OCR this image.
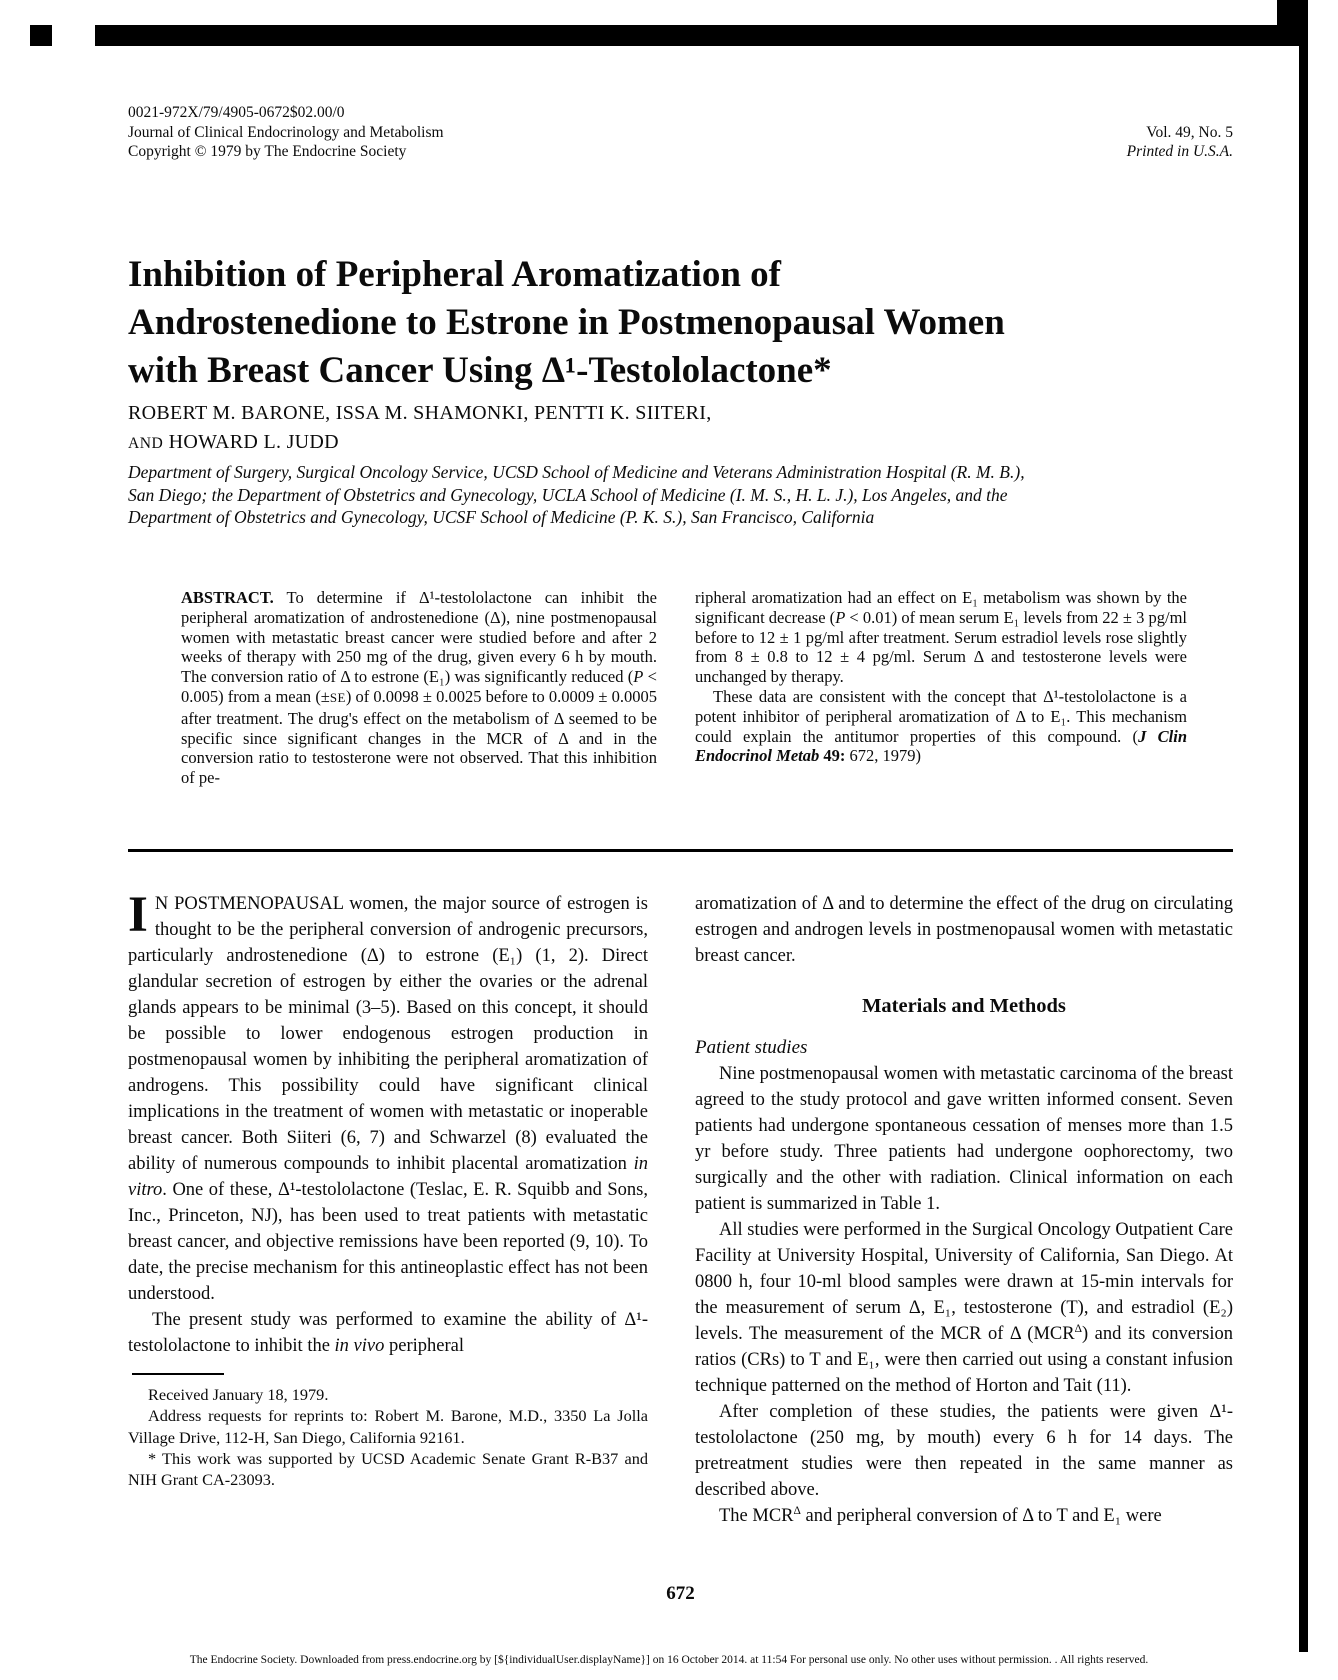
0021-972X/79/4905-0672$02.00/0
Journal of Clinical Endocrinology and Metabolism
Copyright © 1979 by The Endocrine Society
Vol. 49, No. 5
Printed in U.S.A.
Inhibition of Peripheral Aromatization of
Androstenedione to Estrone in Postmenopausal Women
with Breast Cancer Using Δ¹-Testololactone*
ROBERT M. BARONE, ISSA M. SHAMONKI, PENTTI K. SIITERI,
AND HOWARD L. JUDD
Department of Surgery, Surgical Oncology Service, UCSD School of Medicine and Veterans Administration Hospital (R. M. B.), San Diego; the Department of Obstetrics and Gynecology, UCLA School of Medicine (I. M. S., H. L. J.), Los Angeles, and the Department of Obstetrics and Gynecology, UCSF School of Medicine (P. K. S.), San Francisco, California

ABSTRACT. To determine if Δ¹-testololactone can inhibit the peripheral aromatization of androstenedione (Δ), nine postmenopausal women with metastatic breast cancer were studied before and after 2 weeks of therapy with 250 mg of the drug, given every 6 h by mouth. The conversion ratio of Δ to estrone (E₁) was significantly reduced (P < 0.005) from a mean (±SE) of 0.0098 ± 0.0025 before to 0.0009 ± 0.0005 after treatment. The drug's effect on the metabolism of Δ seemed to be specific since significant changes in the MCR of Δ and in the conversion ratio to testosterone were not observed. That this inhibition of pe-

ripheral aromatization had an effect on E₁ metabolism was shown by the significant decrease (P < 0.01) of mean serum E₁ levels from 22 ± 3 pg/ml before to 12 ± 1 pg/ml after treatment. Serum estradiol levels rose slightly from 8 ± 0.8 to 12 ± 4 pg/ml. Serum Δ and testosterone levels were unchanged by therapy.

These data are consistent with the concept that Δ¹-testololactone is a potent inhibitor of peripheral aromatization of Δ to E₁. This mechanism could explain the antitumor properties of this compound. (J Clin Endocrinol Metab 49: 672, 1979)

I N POSTMENOPAUSAL women, the major source of estrogen is thought to be the peripheral conversion of androgenic precursors, particularly androstenedione (Δ) to estrone (E₁) (1, 2). Direct glandular secretion of estrogen by either the ovaries or the adrenal glands appears to be minimal (3–5). Based on this concept, it should be possible to lower endogenous estrogen production in postmenopausal women by inhibiting the peripheral aromatization of androgens. This possibility could have significant clinical implications in the treatment of women with metastatic or inoperable breast cancer. Both Siiteri (6, 7) and Schwarzel (8) evaluated the ability of numerous compounds to inhibit placental aromatization in vitro. One of these, Δ¹-testololactone (Teslac, E. R. Squibb and Sons, Inc., Princeton, NJ), has been used to treat patients with metastatic breast cancer, and objective remissions have been reported (9, 10). To date, the precise mechanism for this antineoplastic effect has not been understood.

The present study was performed to examine the ability of Δ¹-testololactone to inhibit the in vivo peripheral

Received January 18, 1979.

Address requests for reprints to: Robert M. Barone, M.D., 3350 La Jolla Village Drive, 112-H, San Diego, California 92161.

* This work was supported by UCSD Academic Senate Grant R-B37 and NIH Grant CA-23093.

aromatization of Δ and to determine the effect of the drug on circulating estrogen and androgen levels in postmenopausal women with metastatic breast cancer.

Materials and Methods

Patient studies

Nine postmenopausal women with metastatic carcinoma of the breast agreed to the study protocol and gave written informed consent. Seven patients had undergone spontaneous cessation of menses more than 1.5 yr before study. Three patients had undergone oophorectomy, two surgically and the other with radiation. Clinical information on each patient is summarized in Table 1.

All studies were performed in the Surgical Oncology Outpatient Care Facility at University Hospital, University of California, San Diego. At 0800 h, four 10-ml blood samples were drawn at 15-min intervals for the measurement of serum Δ, E₁, testosterone (T), and estradiol (E₂) levels. The measurement of the MCR of Δ $(MCR^\Delta)$ and its conversion ratios (CRs) to T and E₁, were then carried out using a constant infusion technique patterned on the method of Horton and Tait (11).

After completion of these studies, the patients were given Δ¹-testololactone (250 mg, by mouth) every 6 h for 14 days. The pretreatment studies were then repeated in the same manner as described above.

The $MCR^\Delta$ and peripheral conversion of Δ to T and E₁ were

672
The Endocrine Society. Downloaded from press.endocrine.org by [${individualUser.displayName}] on 16 October 2014. at 11:54 For personal use only. No other uses without permission. . All rights reserved.
